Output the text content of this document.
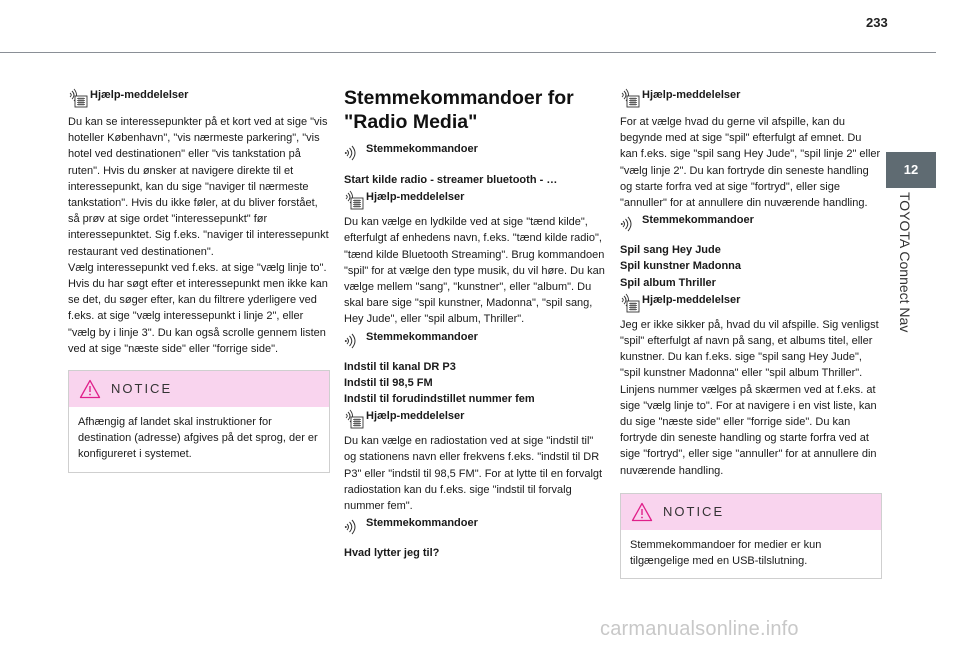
233
12
TOYOTA Connect Nav
Hjælp-meddelelser

Du kan se interessepunkter på et kort ved at sige "vis hoteller København", "vis nærmeste parkering", "vis hotel ved destinationen" eller "vis tankstation på ruten". Hvis du ønsker at navigere direkte til et interessepunkt, kan du sige "naviger til nærmeste tankstation". Hvis du ikke føler, at du bliver forstået, så prøv at sige ordet "interessepunkt" før interessepunktet. Sig f.eks. "naviger til interessepunkt restaurant ved destinationen".

Vælg interessepunkt ved f.eks. at sige "vælg linje to". Hvis du har søgt efter et interessepunkt men ikke kan se det, du søger efter, kan du filtrere yderligere ved f.eks. at sige "vælg interessepunkt i linje 2", eller "vælg by i linje 3". Du kan også scrolle gennem listen ved at sige "næste side" eller "forrige side".

NOTICE
Afhængig af landet skal instruktioner for destination (adresse) afgives på det sprog, der er konfigureret i systemet.
Stemmekommandoer for "Radio Media"
Stemmekommandoer

Start kilde radio - streamer bluetooth - …

Hjælp-meddelelser

Du kan vælge en lydkilde ved at sige "tænd kilde", efterfulgt af enhedens navn, f.eks. "tænd kilde radio", "tænd kilde Bluetooth Streaming". Brug kommandoen "spil" for at vælge den type musik, du vil høre. Du kan vælge mellem "sang", "kunstner", eller "album". Du skal bare sige "spil kunstner, Madonna", "spil sang, Hey Jude", eller "spil album, Thriller".

Stemmekommandoer

Indstil til kanal DR P3

Indstil til 98,5 FM

Indstil til forudindstillet nummer fem

Hjælp-meddelelser

Du kan vælge en radiostation ved at sige "indstil til" og stationens navn eller frekvens f.eks. "indstil til DR P3" eller "indstil til 98,5 FM". For at lytte til en forvalgt radiostation kan du f.eks. sige "indstil til forvalg nummer fem".

Stemmekommandoer

Hvad lytter jeg til?

Hjælp-meddelelser

For at vælge hvad du gerne vil afspille, kan du begynde med at sige "spil" efterfulgt af emnet. Du kan f.eks. sige "spil sang Hey Jude", "spil linje 2" eller "vælg linje 2". Du kan fortryde din seneste handling og starte forfra ved at sige "fortryd", eller sige "annuller" for at annullere din nuværende handling.

Stemmekommandoer

Spil sang Hey Jude

Spil kunstner Madonna

Spil album Thriller

Hjælp-meddelelser

Jeg er ikke sikker på, hvad du vil afspille. Sig venligst "spil" efterfulgt af navn på sang, et albums titel, eller kunstner. Du kan f.eks. sige "spil sang Hey Jude", "spil kunstner Madonna" eller "spil album Thriller". Linjens nummer vælges på skærmen ved at f.eks. at sige "vælg linje to". For at navigere i en vist liste, kan du sige "næste side" eller "forrige side". Du kan fortryde din seneste handling og starte forfra ved at sige "fortryd", eller sige "annuller" for at annullere din nuværende handling.

NOTICE
Stemmekommandoer for medier er kun tilgængelige med en USB-tilslutning.
carmanualsonline.info
